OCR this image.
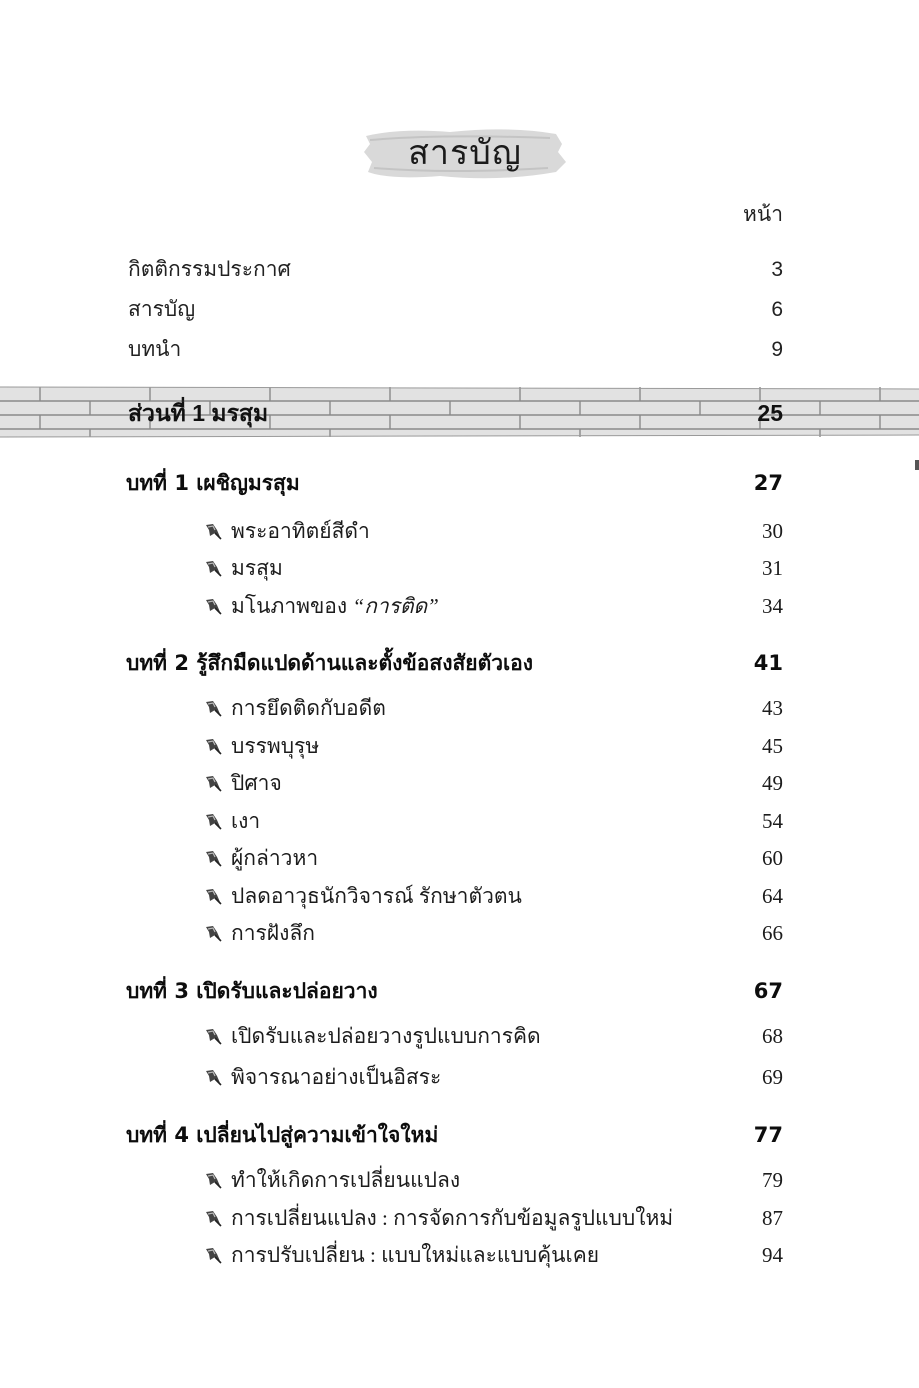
สารบัญ
หน้า
กิตติกรรมประกาศ	3
สารบัญ	6
บทนำ	9
ส่วนที่ 1 มรสุม	25
บทที่ 1 เผชิญมรสุม	27
พระอาทิตย์สีดำ	30
มรสุม	31
มโนภาพของ “การติด”	34
บทที่ 2 รู้สึกมืดแปดด้านและตั้งข้อสงสัยตัวเอง	41
การยึดติดกับอดีต	43
บรรพบุรุษ	45
ปิศาจ	49
เงา	54
ผู้กล่าวหา	60
ปลดอาวุธนักวิจารณ์ รักษาตัวตน	64
การฝังลึก	66
บทที่ 3 เปิดรับและปล่อยวาง	67
เปิดรับและปล่อยวางรูปแบบการคิด	68
พิจารณาอย่างเป็นอิสระ	69
บทที่ 4 เปลี่ยนไปสู่ความเข้าใจใหม่	77
ทำให้เกิดการเปลี่ยนแปลง	79
การเปลี่ยนแปลง : การจัดการกับข้อมูลรูปแบบใหม่	87
การปรับเปลี่ยน : แบบใหม่และแบบคุ้นเคย	94
